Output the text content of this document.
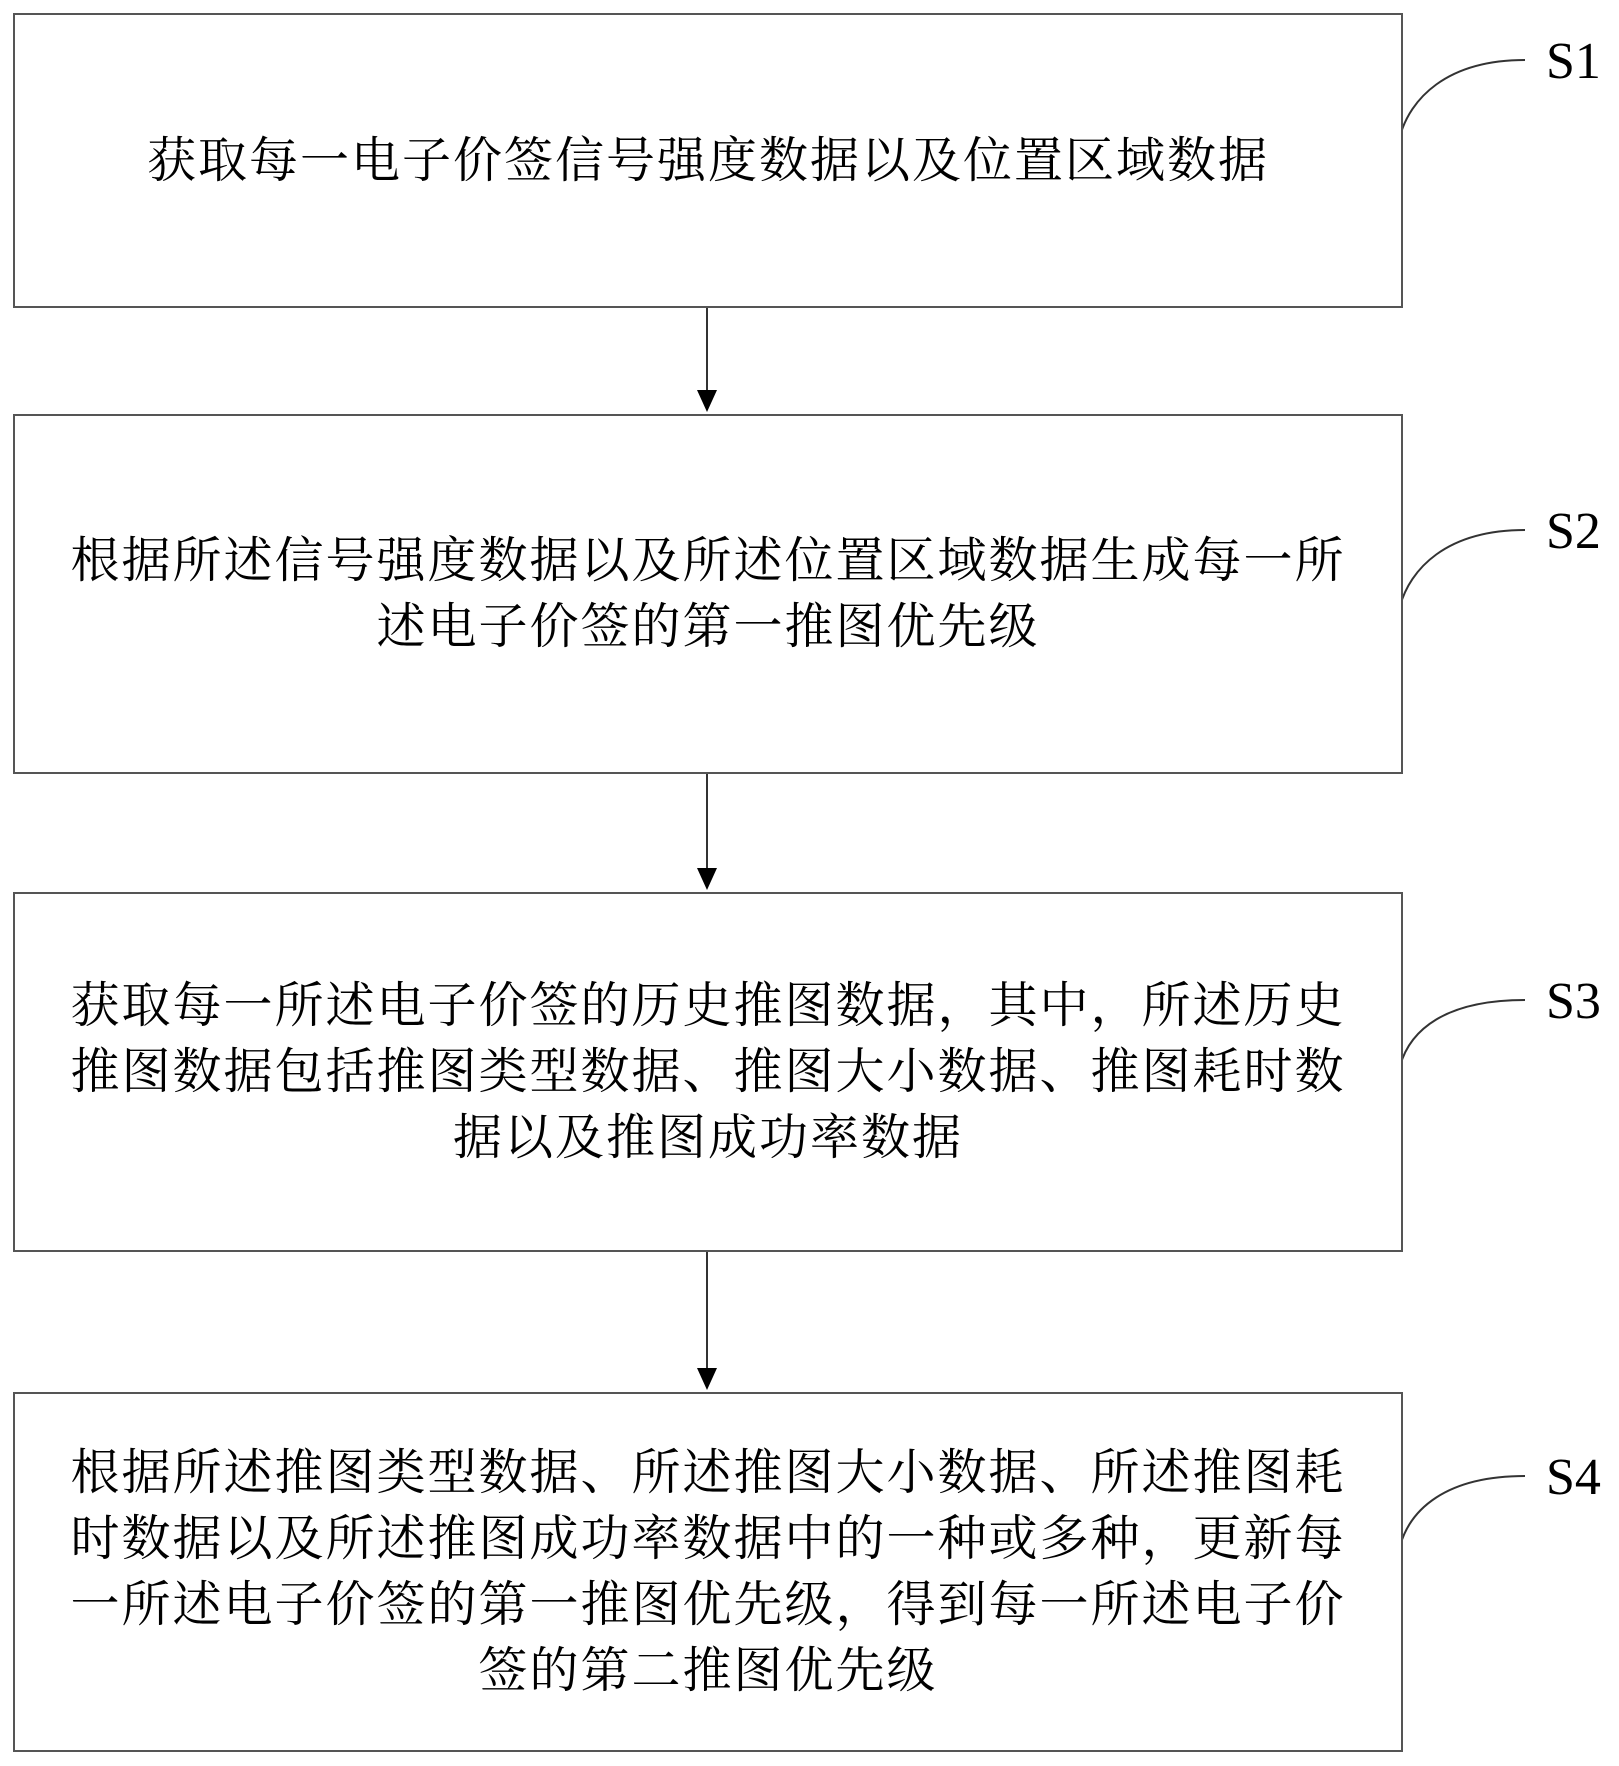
获取每一电子价签信号强度数据以及位置区域数据
S1
根据所述信号强度数据以及所述位置区域数据生成每一所述电子价签的第一推图优先级
S2
获取每一所述电子价签的历史推图数据，其中，所述历史推图数据包括推图类型数据、推图大小数据、推图耗时数据以及推图成功率数据
S3
根据所述推图类型数据、所述推图大小数据、所述推图耗时数据以及所述推图成功率数据中的一种或多种，更新每一所述电子价签的第一推图优先级，得到每一所述电子价签的第二推图优先级
S4
